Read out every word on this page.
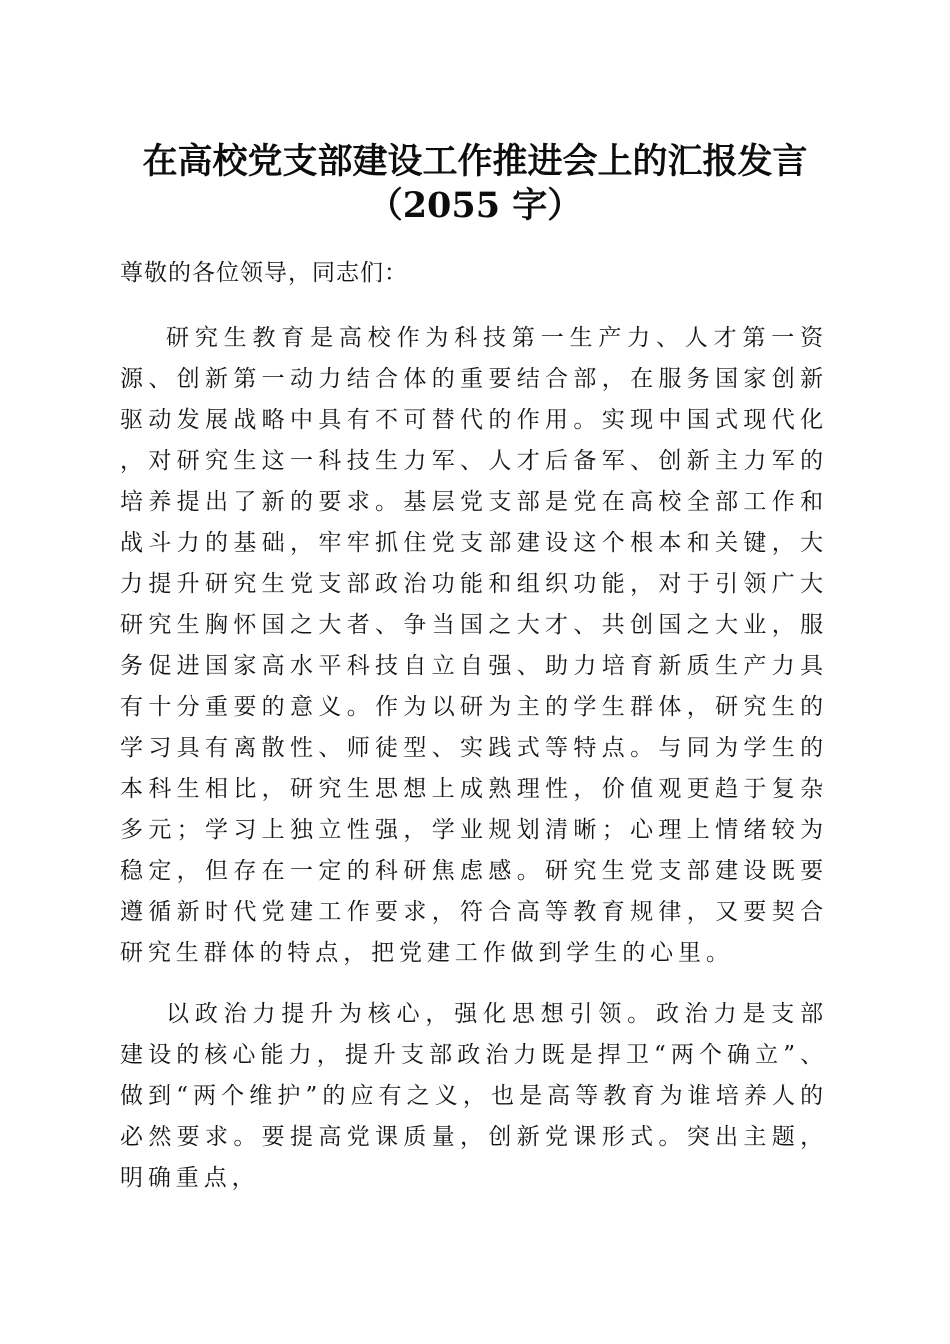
在高校党支部建设工作推进会上的汇报发言
（2055 字）
尊敬的各位领导，同志们：

研究生教育是高校作为科技第一生产力、人才第一资源、创新第一动力结合体的重要结合部，在服务国家创新驱动发展战略中具有不可替代的作用。实现中国式现代化，对研究生这一科技生力军、人才后备军、创新主力军的培养提出了新的要求。基层党支部是党在高校全部工作和战斗力的基础，牢牢抓住党支部建设这个根本和关键，大力提升研究生党支部政治功能和组织功能，对于引领广大研究生胸怀国之大者、争当国之大才、共创国之大业，服务促进国家高水平科技自立自强、助力培育新质生产力具有十分重要的意义。作为以研为主的学生群体，研究生的学习具有离散性、师徒型、实践式等特点。与同为学生的本科生相比，研究生思想上成熟理性，价值观更趋于复杂多元；学习上独立性强，学业规划清晰；心理上情绪较为稳定，但存在一定的科研焦虑感。研究生党支部建设既要遵循新时代党建工作要求，符合高等教育规律，又要契合研究生群体的特点，把党建工作做到学生的心里。

以政治力提升为核心，强化思想引领。政治力是支部建设的核心能力，提升支部政治力既是捍卫“两个确立”、做到“两个维护”的应有之义，也是高等教育为谁培养人的必然要求。要提高党课质量，创新党课形式。突出主题，明确重点，
